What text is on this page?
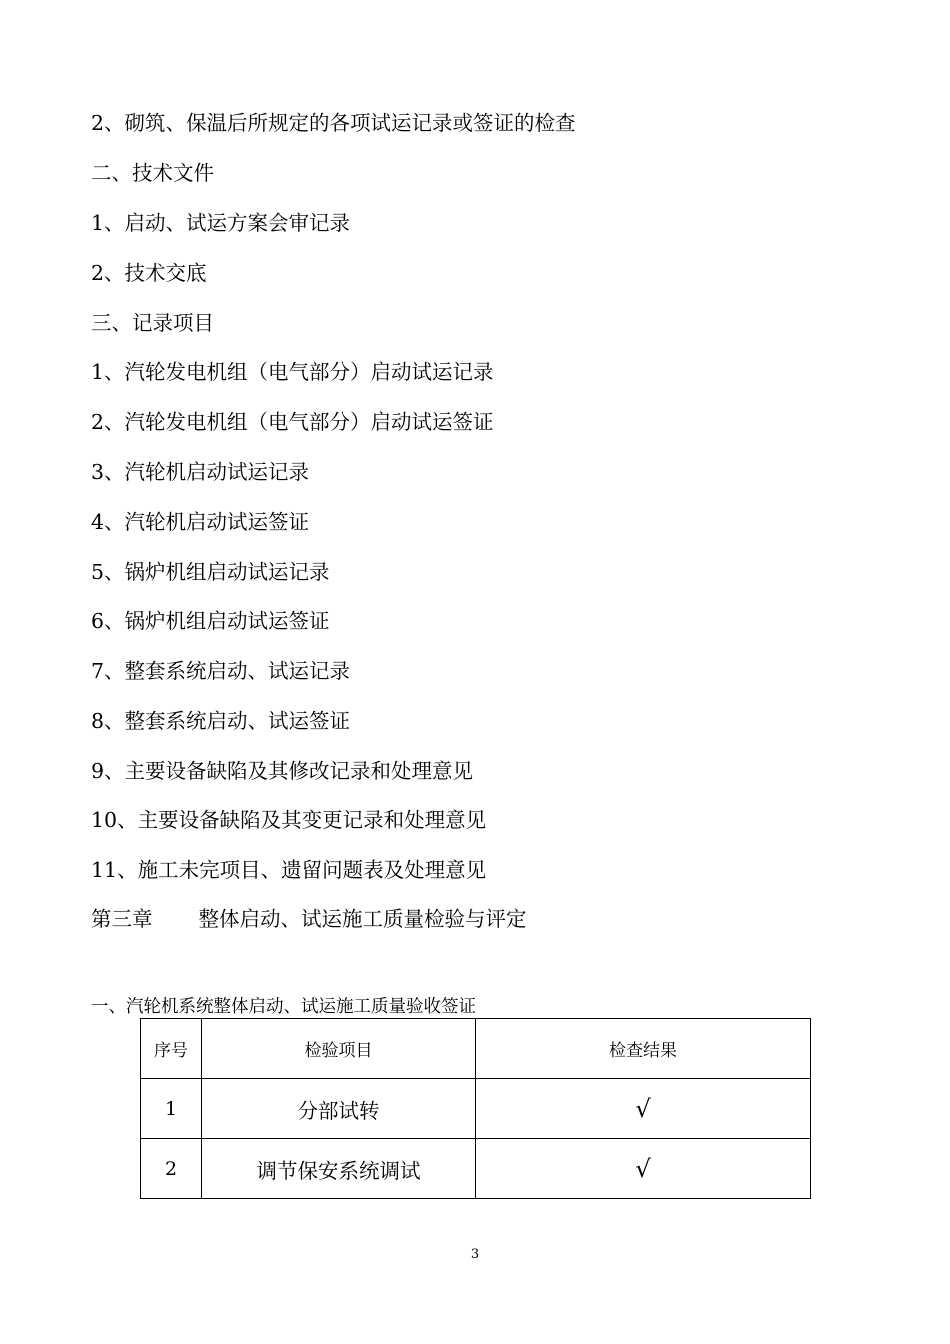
2、砌筑、保温后所规定的各项试运记录或签证的检查
二、技术文件
1、启动、试运方案会审记录
2、技术交底
三、记录项目
1、汽轮发电机组（电气部分）启动试运记录
2、汽轮发电机组（电气部分）启动试运签证
3、汽轮机启动试运记录
4、汽轮机启动试运签证
5、锅炉机组启动试运记录
6、锅炉机组启动试运签证
7、整套系统启动、试运记录
8、整套系统启动、试运签证
9、主要设备缺陷及其修改记录和处理意见
10、主要设备缺陷及其变更记录和处理意见
11、施工未完项目、遗留问题表及处理意见
第三章 整体启动、试运施工质量检验与评定
一、汽轮机系统整体启动、试运施工质量验收签证
序号	检验项目	检查结果
1	分部试转	√
2	调节保安系统调试	√
3
